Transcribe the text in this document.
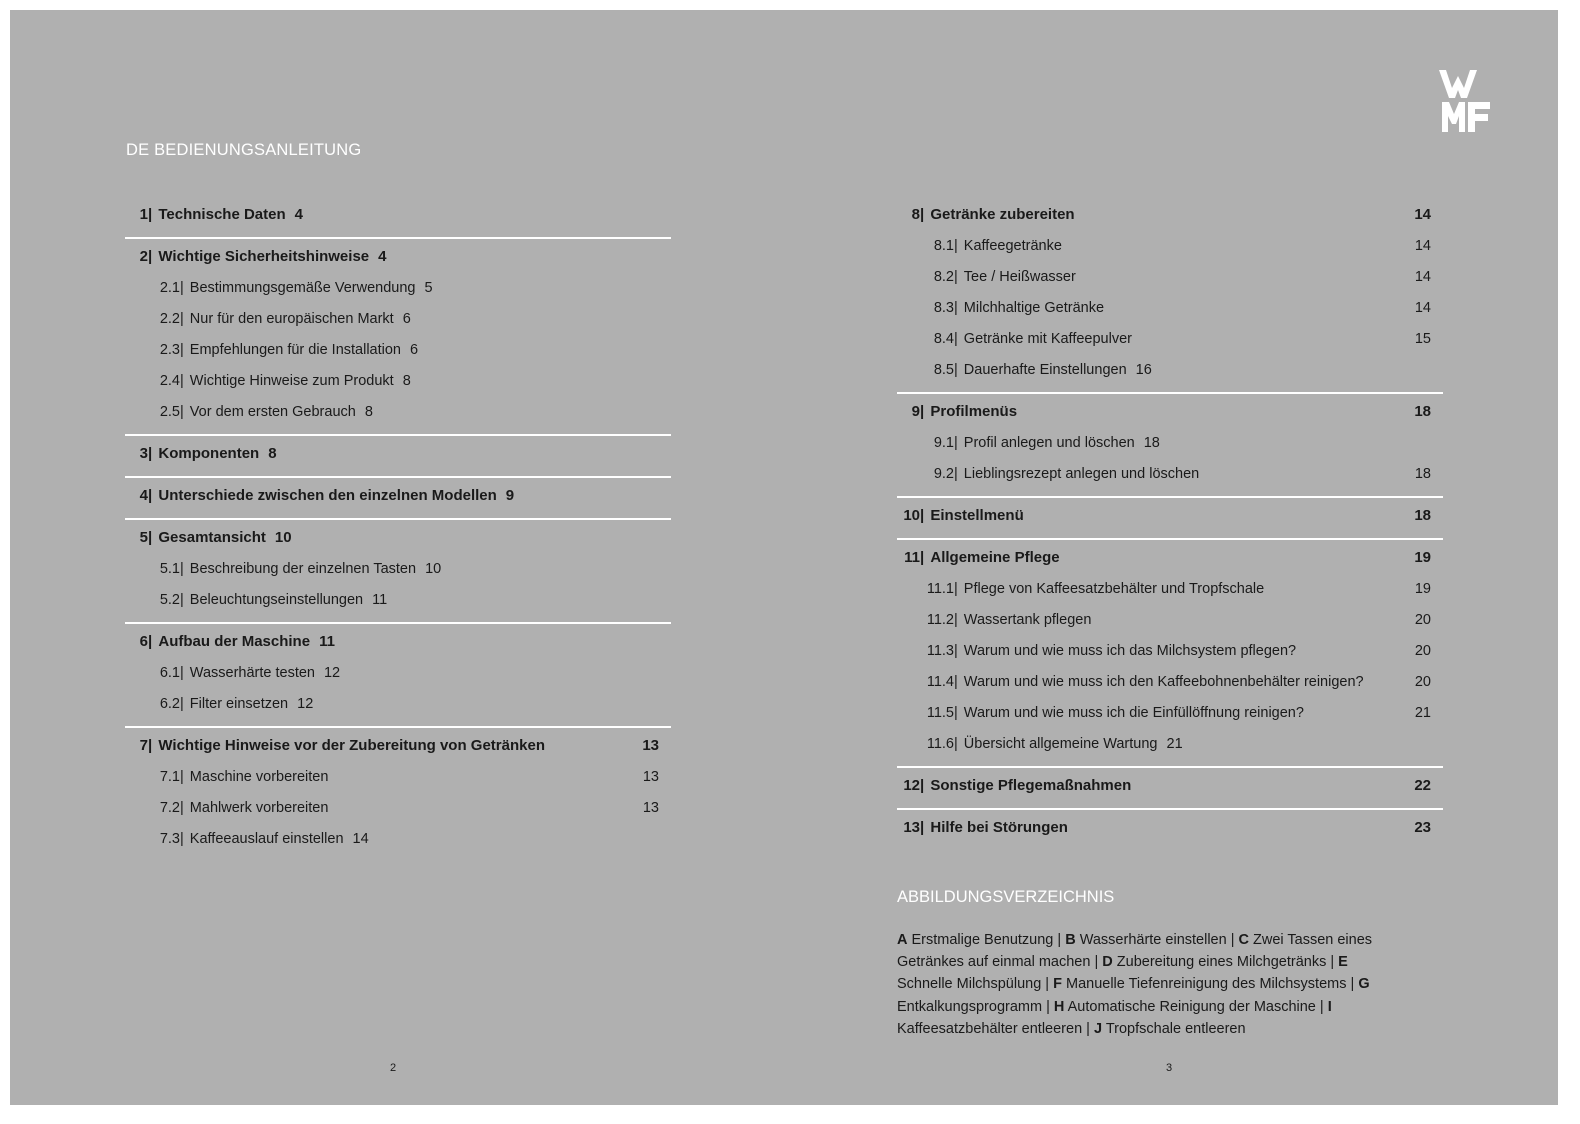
DE BEDIENUNGSANLEITUNG
1| Technische Daten 4
2| Wichtige Sicherheitshinweise 4
2.1| Bestimmungsgemäße Verwendung 5
2.2| Nur für den europäischen Markt 6
2.3| Empfehlungen für die Installation 6
2.4| Wichtige Hinweise zum Produkt 8
2.5| Vor dem ersten Gebrauch 8
3| Komponenten 8
4| Unterschiede zwischen den einzelnen Modellen 9
5| Gesamtansicht 10
5.1| Beschreibung der einzelnen Tasten 10
5.2| Beleuchtungseinstellungen 11
6| Aufbau der Maschine 11
6.1| Wasserhärte testen 12
6.2| Filter einsetzen 12
7| Wichtige Hinweise vor der Zubereitung von Getränken	13
7.1| Maschine vorbereiten	13
7.2| Mahlwerk vorbereiten	13
7.3| Kaffeeauslauf einstellen 14
8| Getränke zubereiten	14
8.1| Kaffeegetränke	14
8.2| Tee / Heißwasser	14
8.3| Milchhaltige Getränke	14
8.4| Getränke mit Kaffeepulver	15
8.5| Dauerhafte Einstellungen 16
9| Profilmenüs	18
9.1| Profil anlegen und löschen 18
9.2| Lieblingsrezept anlegen und löschen	18
10| Einstellmenü	18
11| Allgemeine Pflege	19
11.1| Pflege von Kaffeesatzbehälter und Tropfschale	19
11.2| Wassertank pflegen	20
11.3| Warum und wie muss ich das Milchsystem pflegen?	20
11.4| Warum und wie muss ich den Kaffeebohnenbehälter reinigen?	20
11.5| Warum und wie muss ich die Einfüllöffnung reinigen?	21
11.6| Übersicht allgemeine Wartung 21
12| Sonstige Pflegemaßnahmen	22
13| Hilfe bei Störungen	23
ABBILDUNGSVERZEICHNIS
A Erstmalige Benutzung | B Wasserhärte einstellen | C Zwei Tassen eines Getränkes auf einmal machen | D Zubereitung eines Milchgetränks | E Schnelle Milchspülung | F Manuelle Tiefenreinigung des Milchsystems | G Entkalkungsprogramm | H Automatische Reinigung der Maschine | I Kaffeesatzbehälter entleeren | J Tropfschale entleeren
2	3
